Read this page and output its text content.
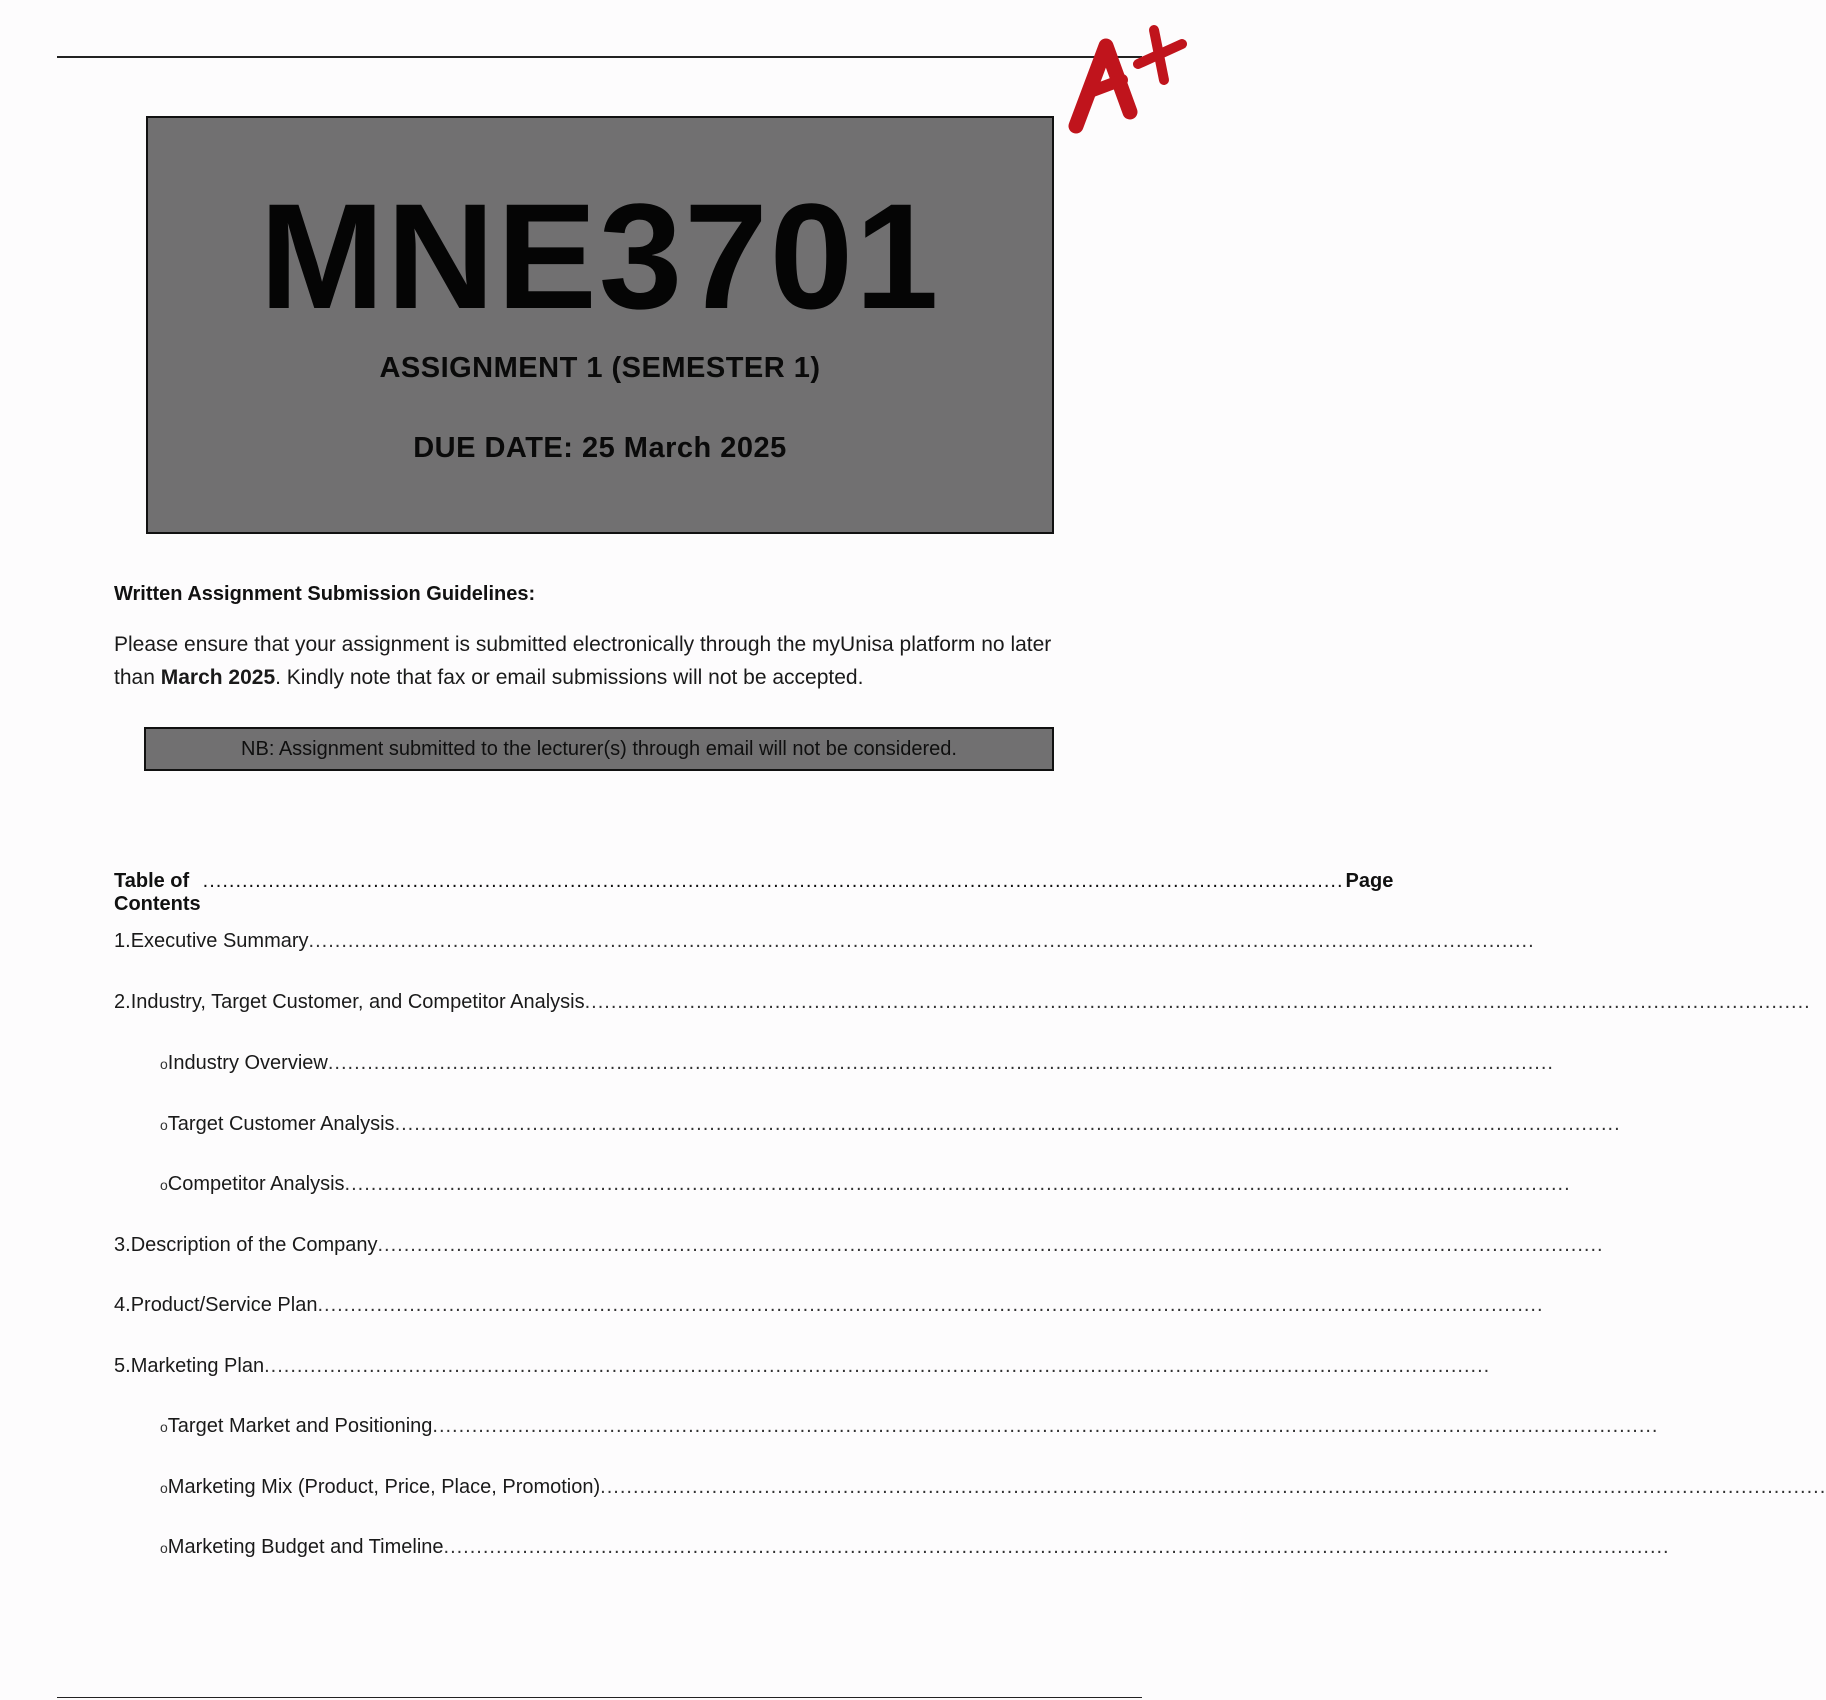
MNE3701
ASSIGNMENT 1 (SEMESTER 1)
DUE DATE: 25 March 2025
Written Assignment Submission Guidelines:
Please ensure that your assignment is submitted electronically through the myUnisa platform no later than March 2025. Kindly note that fax or email submissions will not be accepted.
NB: Assignment submitted to the lecturer(s) through email will not be considered.
Table of Contents
.............................................................................................................................................................................. Page
1. Executive Summary ...........................................................................................................................................................................................
2. Industry, Target Customer, and Competitor Analysis ...........................................................................................................................................................................................
o Industry Overview ...........................................................................................................................................................................................
o Target Customer Analysis ...........................................................................................................................................................................................
o Competitor Analysis ...........................................................................................................................................................................................
3. Description of the Company ...........................................................................................................................................................................................
4. Product/Service Plan ...........................................................................................................................................................................................
5. Marketing Plan ...........................................................................................................................................................................................
o Target Market and Positioning ...........................................................................................................................................................................................
o Marketing Mix (Product, Price, Place, Promotion) ...........................................................................................................................................................................................
o Marketing Budget and Timeline ...........................................................................................................................................................................................
